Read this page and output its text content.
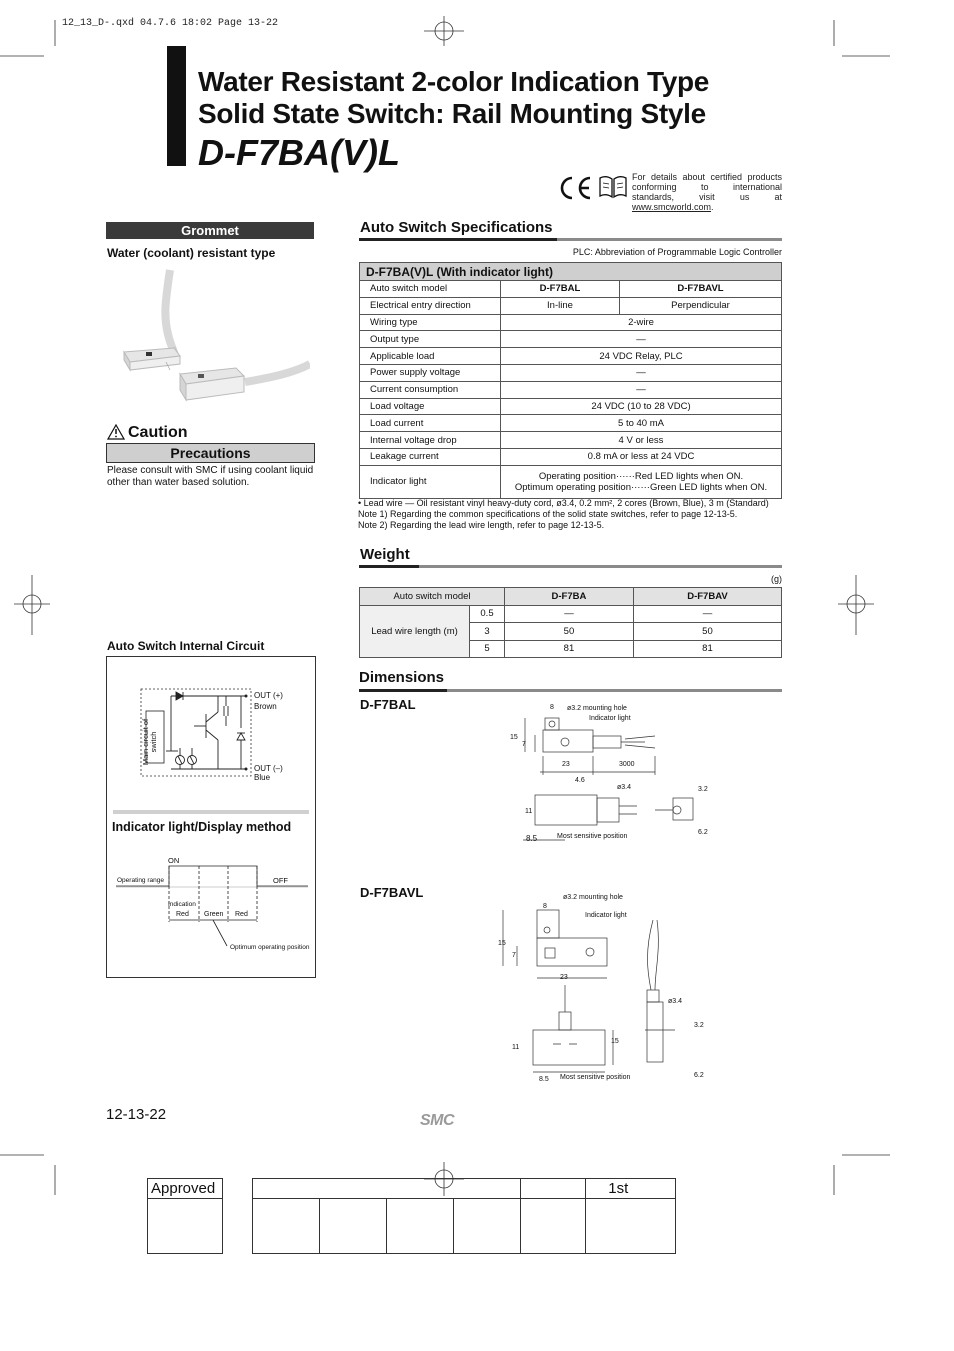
12_13_D-.qxd 04.7.6 18:02 Page 13-22
Water Resistant 2-color Indication Type
Solid State Switch: Rail Mounting Style
D-F7BA(V)L
For details about certified products conforming to international standards, visit us at www.smcworld.com.
Grommet
Water (coolant) resistant type
Caution
Precautions
Please consult with SMC if using coolant liquid other than water based solution.
Auto Switch Internal Circuit
Main circuit of switch
OUT (+)
Brown
OUT (–)
Blue
Indicator light/Display method
ON
OFF
Operating range
Indication
Red Green Red
Optimum operating position
Auto Switch Specifications
PLC: Abbreviation of Programmable Logic Controller
D-F7BA(V)L (With indicator light)		
Auto switch model	D-F7BAL	D-F7BAVL
Electrical entry direction	In-line	Perpendicular
Wiring type	2-wire	
Output type	—	
Applicable load	24 VDC Relay, PLC	
Power supply voltage	—	
Current consumption	—	
Load voltage	24 VDC (10 to 28 VDC)	
Load current	5 to 40 mA	
Internal voltage drop	4 V or less	
Leakage current	0.8 mA or less at 24 VDC	
Indicator light	Operating position······Red LED lights when ON.
Optimum operating position······Green LED lights when ON.	
• Lead wire — Oil resistant vinyl heavy-duty cord, ø3.4, 0.2 mm², 2 cores (Brown, Blue), 3 m (Standard)
Note 1) Regarding the common specifications of the solid state switches, refer to page 12-13-5.
Note 2) Regarding the lead wire length, refer to page 12-13-5.
Weight
(g)
Auto switch model		D-F7BA	D-F7BAV
Lead wire length (m)	0.5	—	—
	3	50	50
	5	81	81
Dimensions
D-F7BAL
D-F7BAVL
8 ø3.2 mounting hole
Indicator light
15
7
23	3000
4.6
ø3.4
11
3.2
8.5	Most sensitive position
6.2
8
ø3.2 mounting hole
Indicator light
15
7
23
ø3.4
11
15
3.2
8.5 Most sensitive position	6.2
12-13-22	SMC
Approved
					1st
